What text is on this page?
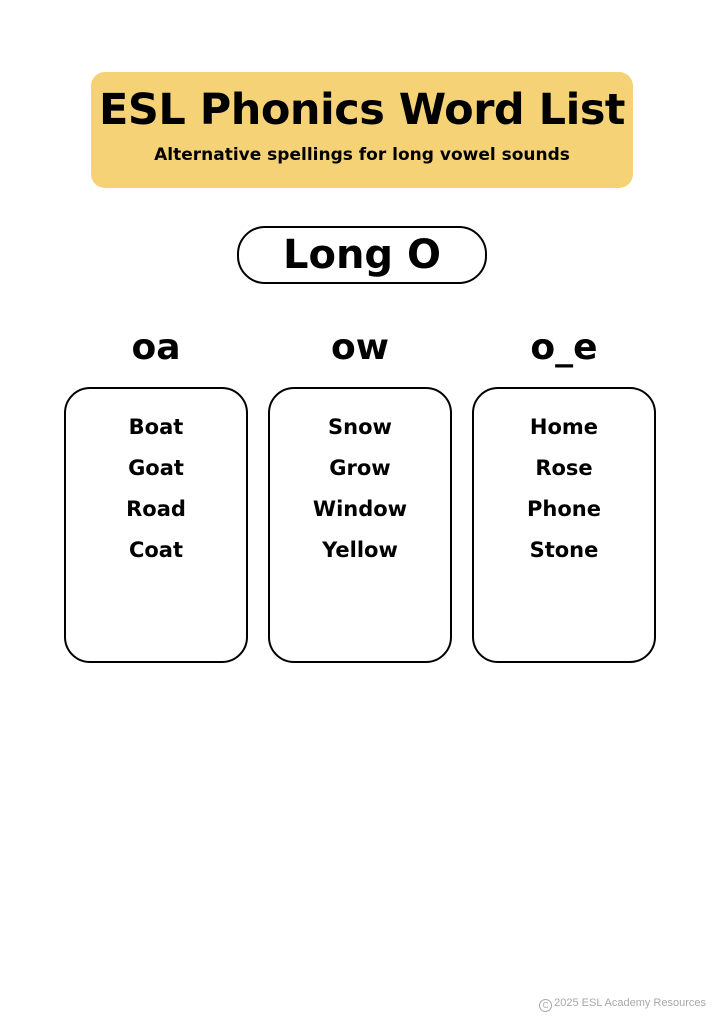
ESL Phonics Word List
Alternative spellings for long vowel sounds
Long O
oa	ow	o_e
Boat
Goat
Road
Coat
Snow
Grow
Window
Yellow
Home
Rose
Phone
Stone
C 2025 ESL Academy Resources
